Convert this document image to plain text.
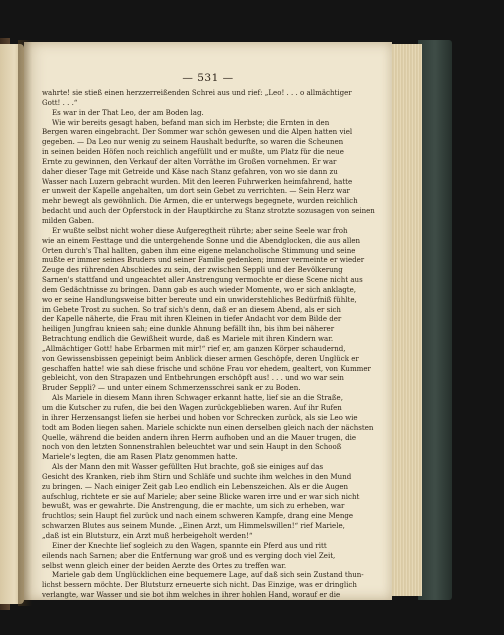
— 531 —
wahrte! sie stieß einen herzzerreißenden Schrei aus und rief: „Leo! . . . o allmächtiger
Gott! . . .“
Es war in der That Leo, der am Boden lag.
Wie wir bereits gesagt haben, befand man sich im Herbste; die Ernten in den
Bergen waren eingebracht. Der Sommer war schön gewesen und die Alpen hatten viel
gegeben. — Da Leo nur wenig zu seinem Haushalt bedurfte, so waren die Scheunen
in seinen beiden Höfen noch reichlich angefüllt und er mußte, um Platz für die neue
Ernte zu gewinnen, den Verkauf der alten Vorräthe im Großen vornehmen. Er war
daher dieser Tage mit Getreide und Käse nach Stanz gefahren, von wo sie dann zu
Wasser nach Luzern gebracht wurden. Mit den leeren Fuhrwerken heimfahrend, hatte
er unweit der Kapelle angehalten, um dort sein Gebet zu verrichten. — Sein Herz war
mehr bewegt als gewöhnlich. Die Armen, die er unterwegs begegnete, wurden reichlich
bedacht und auch der Opferstock in der Hauptkirche zu Stanz strotzte sozusagen von seinen
milden Gaben.
Er wußte selbst nicht woher diese Aufgeregtheit rührte; aber seine Seele war froh
wie an einem Festtage und die untergehende Sonne und die Abendglocken, die aus allen
Orten durch's Thal hallten, gaben ihm eine eigene melancholische Stimmung und seine
mußte er immer seines Bruders und seiner Familie gedenken; immer vermeinte er wieder
Zeuge des rührenden Abschiedes zu sein, der zwischen Seppli und der Bevölkerung
Sarnen's stattfand und ungeachtet aller Anstrengung vermochte er diese Scene nicht aus
dem Gedächtnisse zu bringen. Dann gab es auch wieder Momente, wo er sich anklagte,
wo er seine Handlungsweise bitter bereute und ein unwiderstehliches Bedürfniß fühlte,
im Gebete Trost zu suchen. So traf sich's denn, daß er an diesem Abend, als er sich
der Kapelle näherte, die Frau mit ihren Kleinen in tiefer Andacht vor dem Bilde der
heiligen Jungfrau knieen sah; eine dunkle Ahnung befällt ihn, bis ihm bei näherer
Betrachtung endlich die Gewißheit wurde, daß es Mariele mit ihren Kindern war.
„Allmächtiger Gott! habe Erbarmen mit mir!“ rief er, am ganzen Körper schaudernd,
von Gewissensbissen gepeinigt beim Anblick dieser armen Geschöpfe, deren Unglück er
geschaffen hatte! wie sah diese frische und schöne Frau vor ehedem, gealtert, von Kummer
gebleicht, von den Strapazen und Entbehrungen erschöpft aus! . . . und wo war sein
Bruder Seppli? — und unter einem Schmerzensschrei sank er zu Boden.
Als Mariele in diesem Mann ihren Schwager erkannt hatte, lief sie an die Straße,
um die Kutscher zu rufen, die bei den Wagen zurückgeblieben waren. Auf ihr Rufen
in ihrer Herzensangst liefen sie herbei und hoben vor Schrecken zurück, als sie Leo wie
todt am Boden liegen sahen. Mariele schickte nun einen derselben gleich nach der nächsten
Quelle, während die beiden andern ihren Herrn aufhoben und an die Mauer trugen, die
noch von den letzten Sonnenstrahlen beleuchtet war und sein Haupt in den Schooß
Mariele's legten, die am Rasen Platz genommen hatte.
Als der Mann den mit Wasser gefüllten Hut brachte, goß sie einiges auf das
Gesicht des Kranken, rieb ihm Stirn und Schläfe und suchte ihm welches in den Mund
zu bringen. — Nach einiger Zeit gab Leo endlich ein Lebenszeichen. Als er die Augen
aufschlug, richtete er sie auf Mariele; aber seine Blicke waren irre und er war sich nicht
bewußt, was er gewahrte. Die Anstrengung, die er machte, um sich zu erheben, war
fruchtlos; sein Haupt fiel zurück und nach einem schweren Kampfe, drang eine Menge
schwarzen Blutes aus seinem Munde. „Einen Arzt, um Himmelswillen!“ rief Mariele,
„daß ist ein Blutsturz, ein Arzt muß herbeigeholt werden!“
Einer der Knechte lief sogleich zu den Wagen, spannte ein Pferd aus und ritt
eilends nach Sarnen; aber die Entfernung war groß und es verging doch viel Zeit,
selbst wenn gleich einer der beiden Aerzte des Ortes zu treffen war.
Mariele gab dem Unglücklichen eine bequemere Lage, auf daß sich sein Zustand thun-
lichst bessern möchte. Der Blutsturz erneuerte sich nicht. Das Einzige, was er dringlich
verlangte, war Wasser und sie bot ihm welches in ihrer hohlen Hand, worauf er die
